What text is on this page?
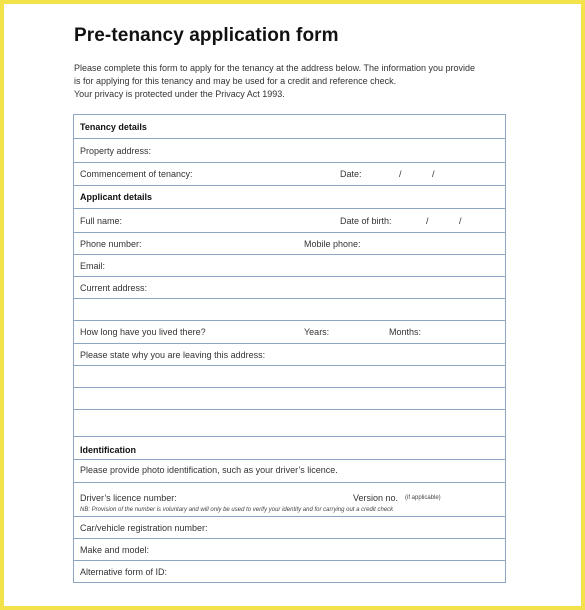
Pre-tenancy application form
Please complete this form to apply for the tenancy at the address below. The information you provide
is for applying for this tenancy and may be used for a credit and reference check.
Your privacy is protected under the Privacy Act 1993.
Tenancy details
Property address:
Commencement of tenancy:	Date:	/	/
Applicant details
Full name:	Date of birth:	/	/
Phone number:	Mobile phone:
Email:
Current address:
How long have you lived there?	Years:	Months:
Please state why you are leaving this address:
Identification
Please provide photo identification, such as your driver’s licence.
Driver’s licence number:	Version no. (if applicable)
NB: Provision of the number is voluntary and will only be used to verify your identity and for carrying out a credit check
Car/vehicle registration number:
Make and model:
Alternative form of ID:
